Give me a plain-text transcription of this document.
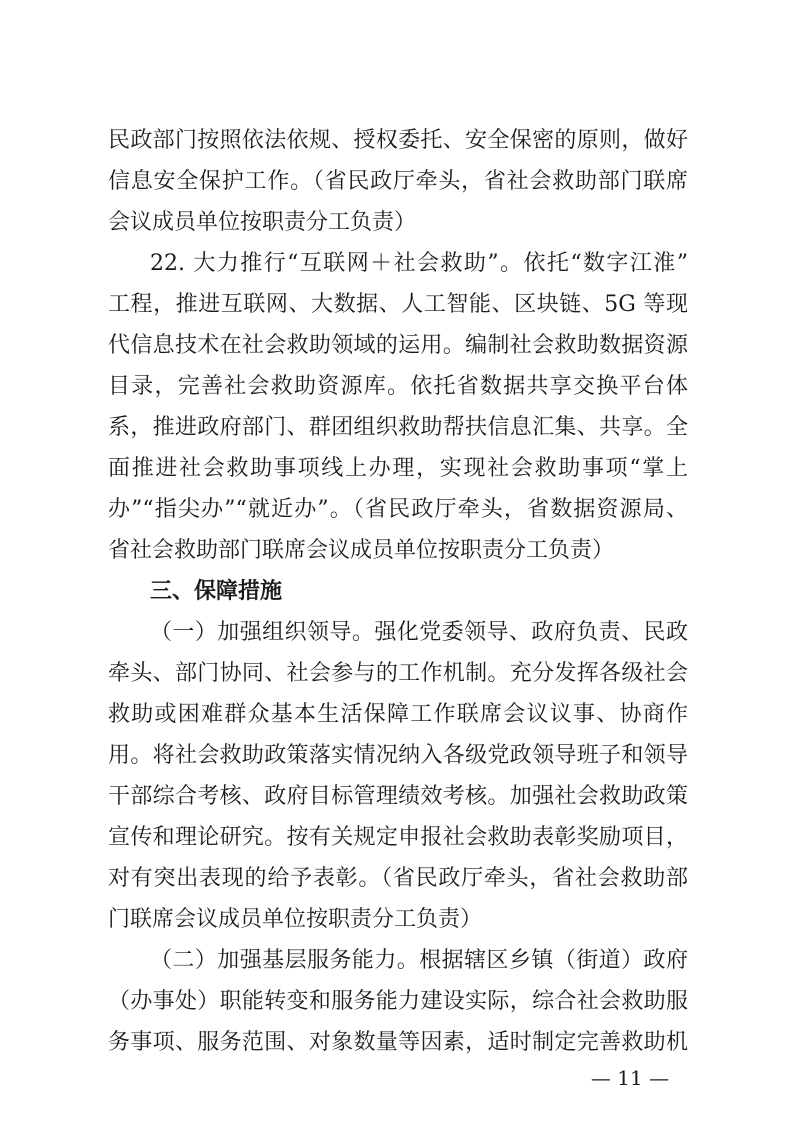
民政部门按照依法依规、授权委托、安全保密的原则，做好
信息安全保护工作。（省民政厅牵头，省社会救助部门联席
会议成员单位按职责分工负责）
22. 大力推行“互联网＋社会救助”。依托“数字江淮”
工程，推进互联网、大数据、人工智能、区块链、5G 等现
代信息技术在社会救助领域的运用。编制社会救助数据资源
目录，完善社会救助资源库。依托省数据共享交换平台体
系，推进政府部门、群团组织救助帮扶信息汇集、共享。全
面推进社会救助事项线上办理，实现社会救助事项“掌上
办”“指尖办”“就近办”。（省民政厅牵头，省数据资源局、
省社会救助部门联席会议成员单位按职责分工负责）
三、保障措施
（一）加强组织领导。强化党委领导、政府负责、民政
牵头、部门协同、社会参与的工作机制。充分发挥各级社会
救助或困难群众基本生活保障工作联席会议议事、协商作
用。将社会救助政策落实情况纳入各级党政领导班子和领导
干部综合考核、政府目标管理绩效考核。加强社会救助政策
宣传和理论研究。按有关规定申报社会救助表彰奖励项目，
对有突出表现的给予表彰。（省民政厅牵头，省社会救助部
门联席会议成员单位按职责分工负责）
（二）加强基层服务能力。根据辖区乡镇（街道）政府
（办事处）职能转变和服务能力建设实际，综合社会救助服
务事项、服务范围、对象数量等因素，适时制定完善救助机
— 11 —
